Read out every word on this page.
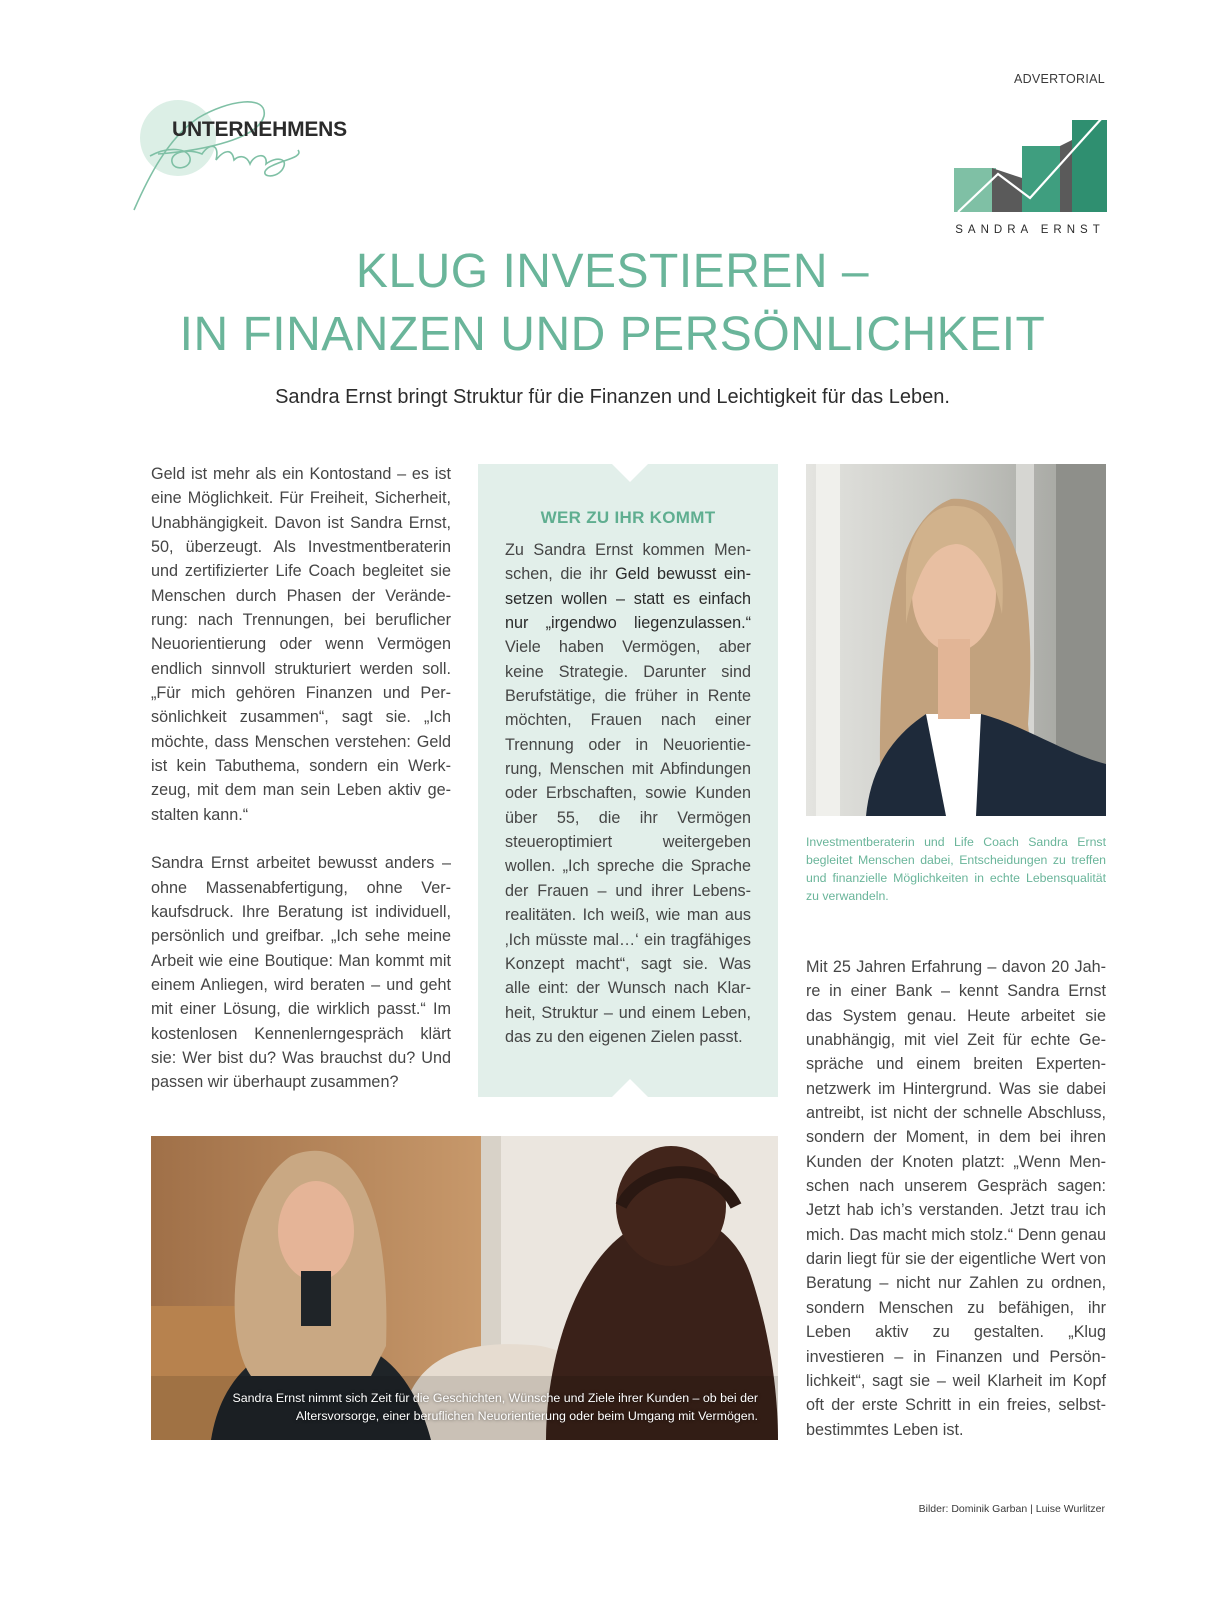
ADVERTORIAL
UNTERNEHMENS
SANDRA ERNST
KLUG INVESTIEREN –
IN FINANZEN UND PERSÖNLICHKEIT
Sandra Ernst bringt Struktur für die Finanzen und Leichtigkeit für das Leben.

Geld ist mehr als ein Kontostand – es ist eine Möglichkeit. Für Freiheit, Sicherheit, Unabhängigkeit. Davon ist Sandra Ernst, 50, überzeugt. Als Investmentberaterin und zertifizierter Life Coach begleitet sie Menschen durch Phasen der Veränderung: nach Trennungen, bei beruflicher Neuorientierung oder wenn Vermögen endlich sinnvoll strukturiert werden soll. „Für mich gehören Finanzen und Persönlichkeit zusammen“, sagt sie. „Ich möchte, dass Menschen verstehen: Geld ist kein Tabuthema, sondern ein Werkzeug, mit dem man sein Leben aktiv gestalten kann.“

Sandra Ernst arbeitet bewusst anders – ohne Massenabfertigung, ohne Verkaufsdruck. Ihre Beratung ist individuell, persönlich und greifbar. „Ich sehe meine Arbeit wie eine Boutique: Man kommt mit einem Anliegen, wird beraten – und geht mit einer Lösung, die wirklich passt.“ Im kostenlosen Kennenlerngespräch klärt sie: Wer bist du? Was brauchst du? Und passen wir überhaupt zusammen?

WER ZU IHR KOMMT
Zu Sandra Ernst kommen Menschen, die ihr Geld bewusst einsetzen wollen – statt es einfach nur „irgendwo liegenzulassen.“ Viele haben Vermögen, aber keine Strategie. Darunter sind Berufstätige, die früher in Rente möchten, Frauen nach einer Trennung oder in Neuorientierung, Menschen mit Abfindungen oder Erbschaften, sowie Kunden über 55, die ihr Vermögen steueroptimiert weitergeben wollen. „Ich spreche die Sprache der Frauen – und ihrer Lebensrealitäten. Ich weiß, wie man aus ‚Ich müsste mal…‘ ein tragfähiges Konzept macht“, sagt sie. Was alle eint: der Wunsch nach Klarheit, Struktur – und einem Leben, das zu den eigenen Zielen passt.
Investmentberaterin und Life Coach Sandra Ernst begleitet Menschen dabei, Entscheidungen zu treffen und finanzielle Möglichkeiten in echte Lebensqualität zu verwandeln.

Mit 25 Jahren Erfahrung – davon 20 Jahre in einer Bank – kennt Sandra Ernst das System genau. Heute arbeitet sie unabhängig, mit viel Zeit für echte Gespräche und einem breiten Expertennetzwerk im Hintergrund. Was sie dabei antreibt, ist nicht der schnelle Abschluss, sondern der Moment, in dem bei ihren Kunden der Knoten platzt: „Wenn Menschen nach unserem Gespräch sagen: Jetzt hab ich’s verstanden. Jetzt trau ich mich. Das macht mich stolz.“ Denn genau darin liegt für sie der eigentliche Wert von Beratung – nicht nur Zahlen zu ordnen, sondern Menschen zu befähigen, ihr Leben aktiv zu gestalten. „Klug investieren – in Finanzen und Persönlichkeit“, sagt sie – weil Klarheit im Kopf oft der erste Schritt in ein freies, selbstbestimmtes Leben ist.

Sandra Ernst nimmt sich Zeit für die Geschichten, Wünsche und Ziele ihrer Kunden – ob bei der
Altersvorsorge, einer beruflichen Neuorientierung oder beim Umgang mit Vermögen.
Bilder: Dominik Garban | Luise Wurlitzer
